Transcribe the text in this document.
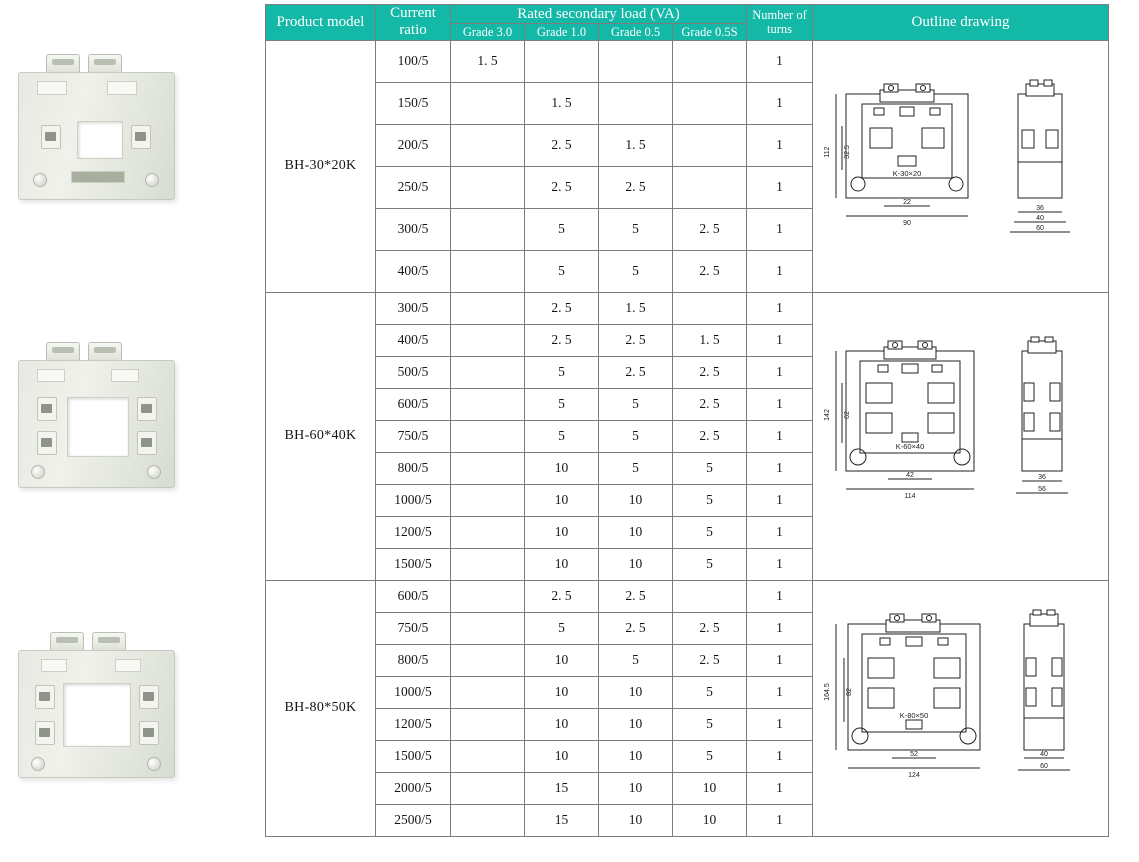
Product model	Current ratio	Rated secondary load (VA)				Number of turns	Outline drawing
		Grade 3.0	Grade 1.0	Grade 0.5	Grade 0.5S		
BH-30*20K	100/5	1. 5				1	
112 32.5
22
90
36
40
60
K-30×20

	150/5		1. 5			1	
	200/5		2. 5	1. 5		1	
	250/5		2. 5	2. 5		1	
	300/5		5	5	2. 5	1	
	400/5		5	5	2. 5	1	
BH-60*40K	300/5		2. 5	1. 5		1	
142 62
42
114
36
56
K-60×40

	400/5		2. 5	2. 5	1. 5	1	
	500/5		5	2. 5	2. 5	1	
	600/5		5	5	2. 5	1	
	750/5		5	5	2. 5	1	
	800/5		10	5	5	1	
	1000/5		10	10	5	1	
	1200/5		10	10	5	1	
	1500/5		10	10	5	1	
BH-80*50K	600/5		2. 5	2. 5		1	
164.5 82
52
124
40
60
K-80×50

	750/5		5	2. 5	2. 5	1	
	800/5		10	5	2. 5	1	
	1000/5		10	10	5	1	
	1200/5		10	10	5	1	
	1500/5		10	10	5	1	
	2000/5		15	10	10	1	
	2500/5		15	10	10	1	
